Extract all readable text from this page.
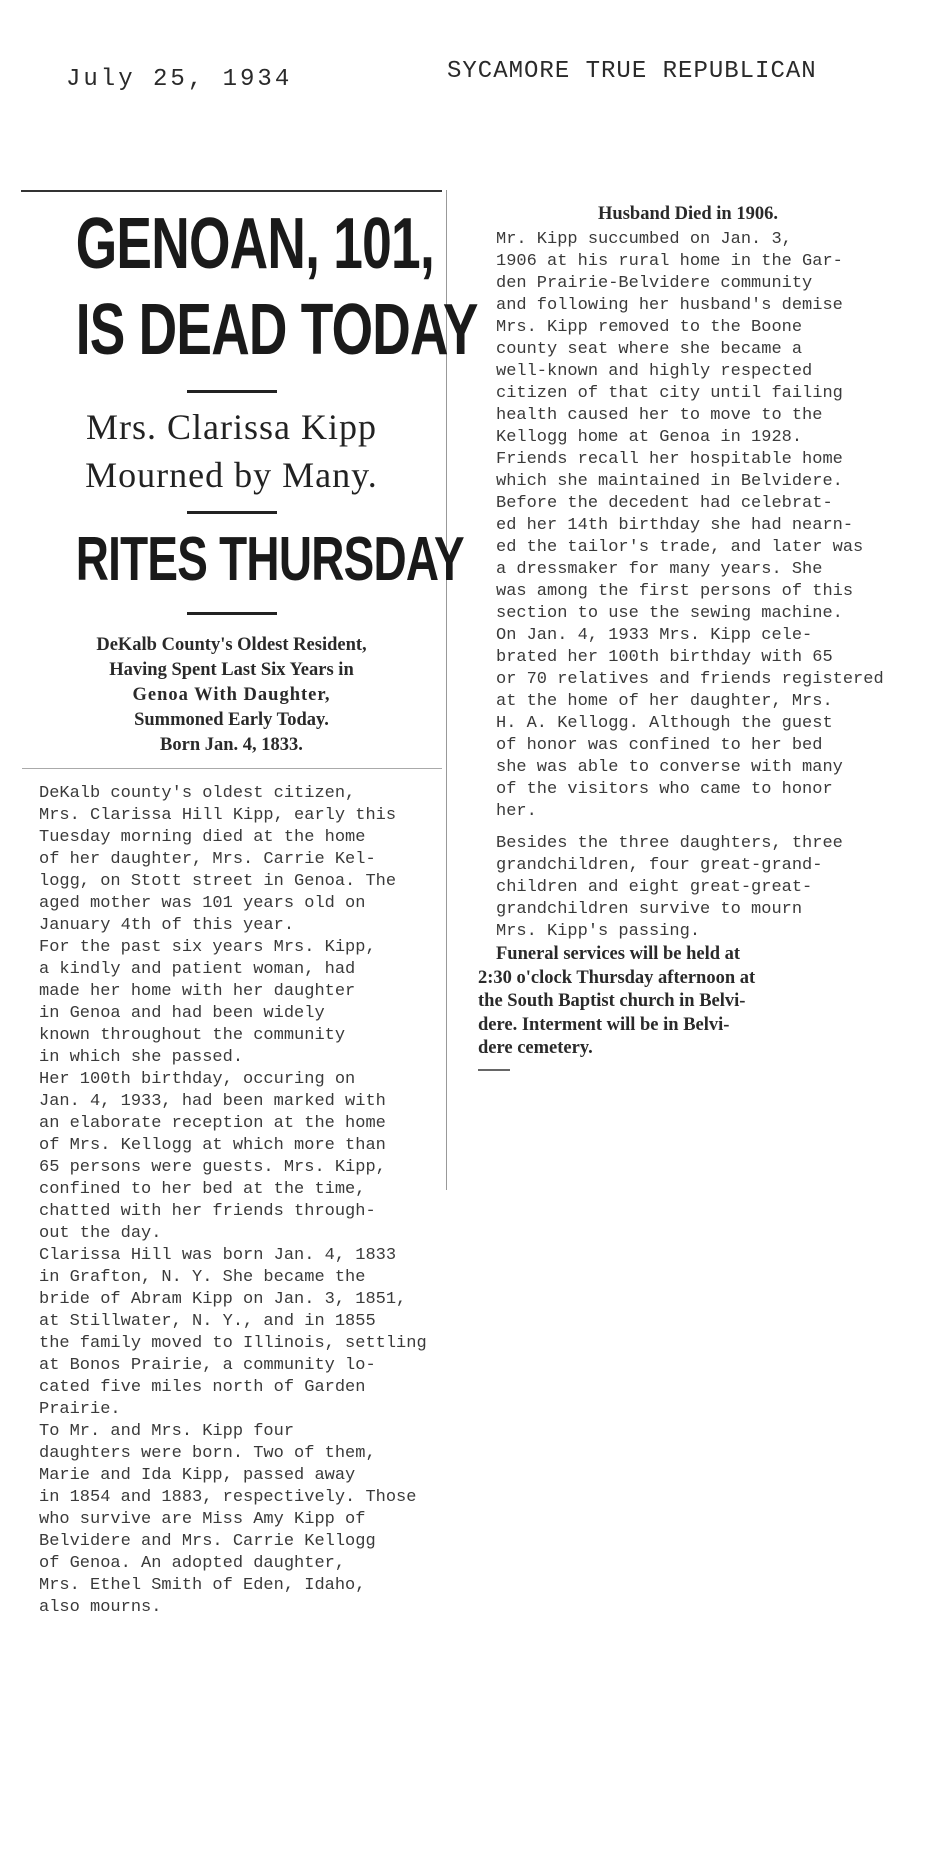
July 25, 1934	SYCAMORE TRUE REPUBLICAN
GENOAN, 101,
IS DEAD TODAY
Mrs. Clarissa Kipp
Mourned by Many.
RITES THURSDAY
DeKalb County's Oldest Resident,
Having Spent Last Six Years in
Genoa With Daughter,
Summoned Early Today.
Born Jan. 4, 1833.

DeKalb county's oldest citizen,
Mrs. Clarissa Hill Kipp, early this
Tuesday morning died at the home
of her daughter, Mrs. Carrie Kel-
logg, on Stott street in Genoa. The
aged mother was 101 years old on
January 4th of this year.

For the past six years Mrs. Kipp,
a kindly and patient woman, had
made her home with her daughter
in Genoa and had been widely
known throughout the community
in which she passed.

Her 100th birthday, occuring on
Jan. 4, 1933, had been marked with
an elaborate reception at the home
of Mrs. Kellogg at which more than
65 persons were guests. Mrs. Kipp,
confined to her bed at the time,
chatted with her friends through-
out the day.

Clarissa Hill was born Jan. 4, 1833
in Grafton, N. Y. She became the
bride of Abram Kipp on Jan. 3, 1851,
at Stillwater, N. Y., and in 1855
the family moved to Illinois, settling
at Bonos Prairie, a community lo-
cated five miles north of Garden
Prairie.

To Mr. and Mrs. Kipp four
daughters were born. Two of them,
Marie and Ida Kipp, passed away
in 1854 and 1883, respectively. Those
who survive are Miss Amy Kipp of
Belvidere and Mrs. Carrie Kellogg
of Genoa. An adopted daughter,
Mrs. Ethel Smith of Eden, Idaho,
also mourns.

Husband Died in 1906.

Mr. Kipp succumbed on Jan. 3,
1906 at his rural home in the Gar-
den Prairie-Belvidere community
and following her husband's demise
Mrs. Kipp removed to the Boone
county seat where she became a
well-known and highly respected
citizen of that city until failing
health caused her to move to the
Kellogg home at Genoa in 1928.
Friends recall her hospitable home
which she maintained in Belvidere.

Before the decedent had celebrat-
ed her 14th birthday she had nearn-
ed the tailor's trade, and later was
a dressmaker for many years. She
was among the first persons of this
section to use the sewing machine.

On Jan. 4, 1933 Mrs. Kipp cele-
brated her 100th birthday with 65
or 70 relatives and friends registered
at the home of her daughter, Mrs.
H. A. Kellogg. Although the guest
of honor was confined to her bed
she was able to converse with many
of the visitors who came to honor
her.

Besides the three daughters, three
grandchildren, four great-grand-
children and eight great-great-
grandchildren survive to mourn
Mrs. Kipp's passing.

Funeral services will be held at
2:30 o'clock Thursday afternoon at
the South Baptist church in Belvi-
dere. Interment will be in Belvi-
dere cemetery.
